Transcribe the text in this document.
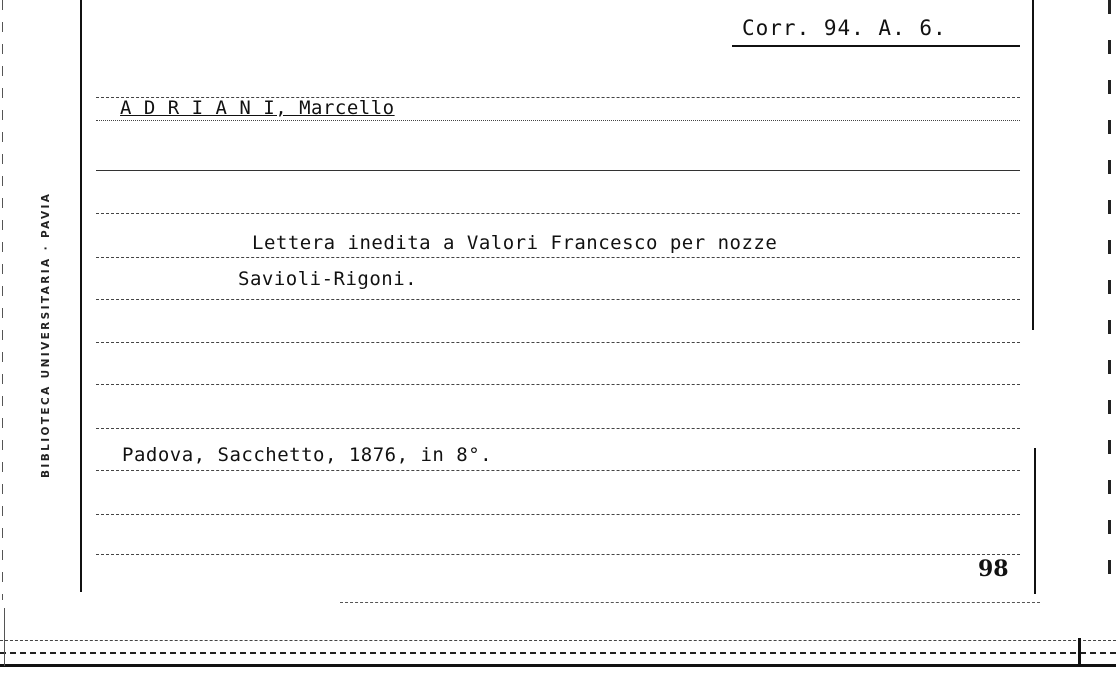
BIBLIOTECA UNIVERSITARIA · PAVIA
Corr. 94. A. 6.
A D R I A N I, Marcello
Lettera inedita a Valori Francesco per nozze
Savioli-Rigoni.
Padova, Sacchetto, 1876, in 8°.
98
